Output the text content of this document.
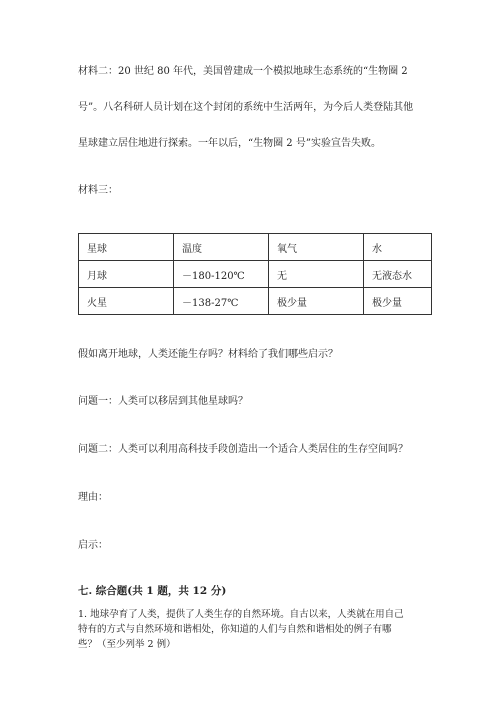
材料二：20 世纪 80 年代，美国曾建成一个模拟地球生态系统的“生物圈 2
号”。八名科研人员计划在这个封闭的系统中生活两年，为今后人类登陆其他
星球建立居住地进行探索。一年以后，“生物圈 2 号”实验宣告失败。
材料三：
星球	温度	氧气	水
月球	－180-120℃	无	无液态水
火星	－138-27℃	极少量	极少量
假如离开地球，人类还能生存吗？材料给了我们哪些启示？
问题一：人类可以移居到其他星球吗？
问题二：人类可以利用高科技手段创造出一个适合人类居住的生存空间吗？
理由：
启示：
七. 综合题(共 1 题，共 12 分)
1. 地球孕育了人类，提供了人类生存的自然环境。自古以来，人类就在用自己
特有的方式与自然环境和谐相处，你知道的人们与自然和谐相处的例子有哪
些？（至少列举 2 例）
